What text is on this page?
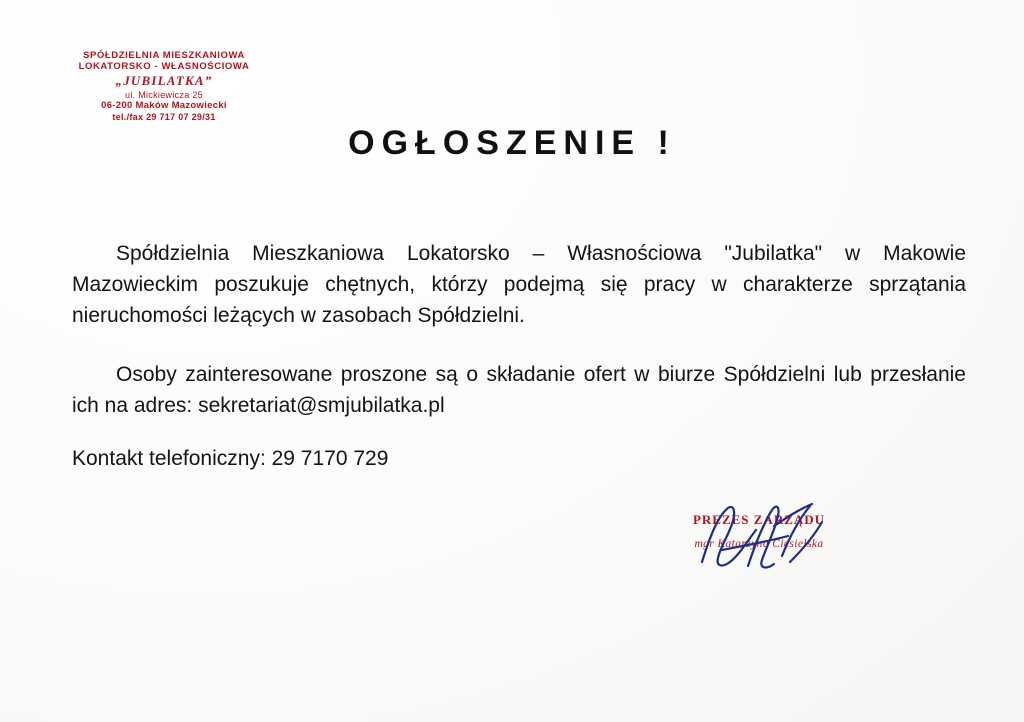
SPÓŁDZIELNIA MIESZKANIOWA
LOKATORSKO - WŁASNOŚCIOWA
„JUBILATKA”
ul. Mickiewicza 25
06-200 Maków Mazowiecki
tel./fax 29 717 07 29/31
OGŁOSZENIE !

Spółdzielnia Mieszkaniowa Lokatorsko – Własnościowa "Jubilatka" w Makowie Mazowieckim poszukuje chętnych, którzy podejmą się pracy w charakterze sprzątania nieruchomości leżących w zasobach Spółdzielni.

Osoby zainteresowane proszone są o składanie ofert w biurze Spółdzielni lub przesłanie ich na adres: sekretariat@smjubilatka.pl

Kontakt telefoniczny: 29 7170 729

PREZES ZARZĄDU
mgr Katarzyna Ciesielska
